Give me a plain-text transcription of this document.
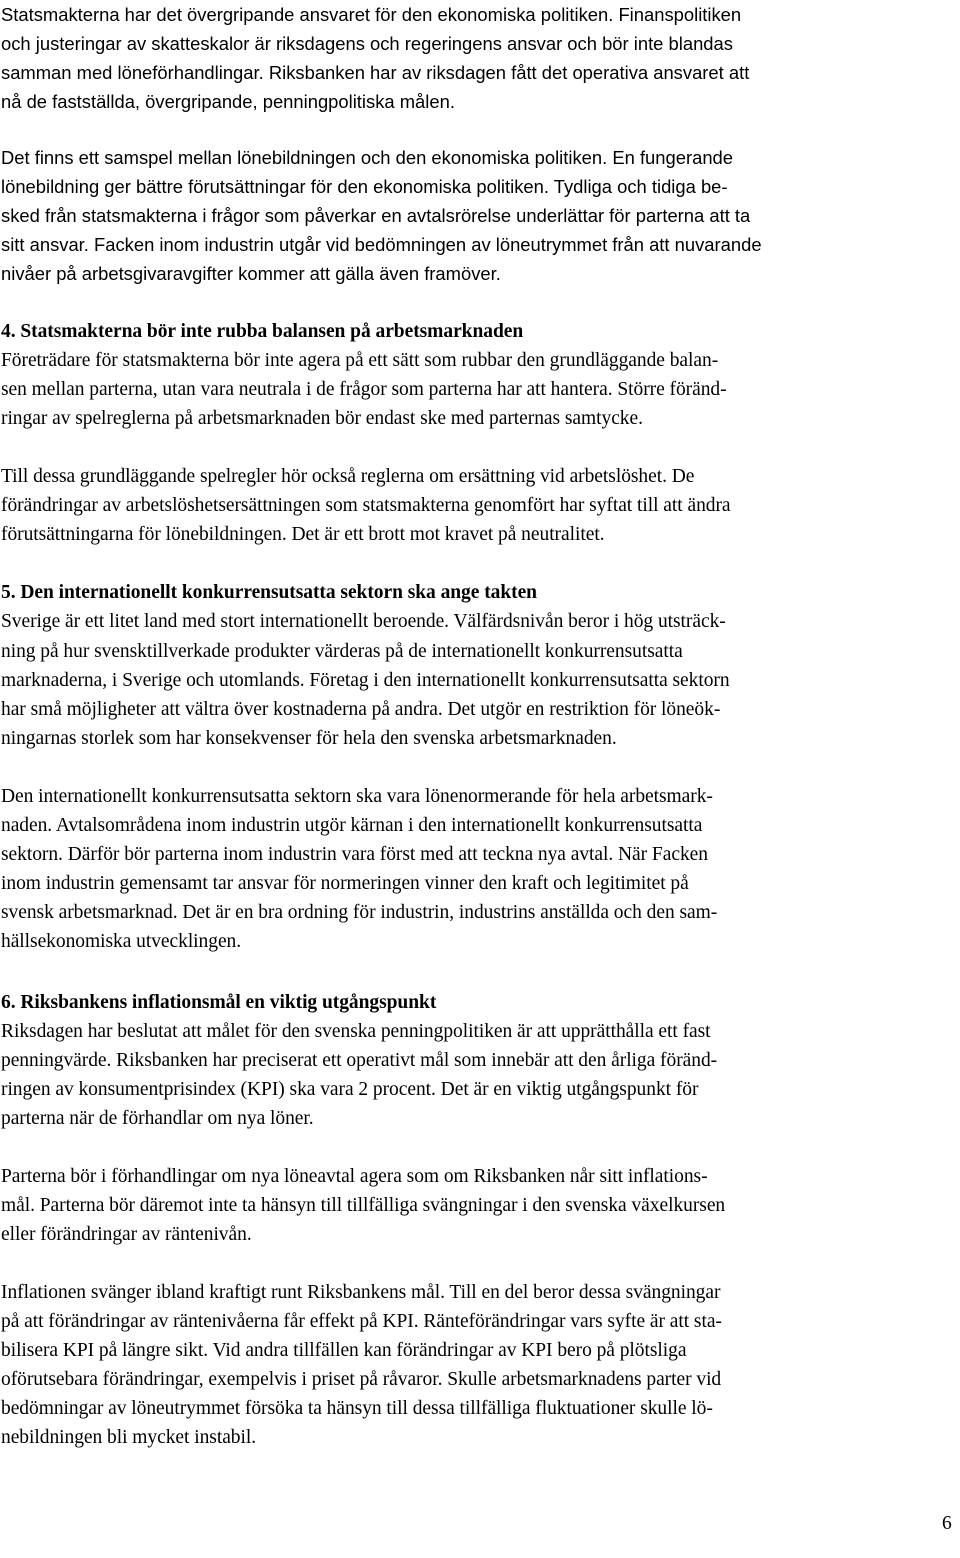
Statsmakterna har det övergripande ansvaret för den ekonomiska politiken. Finanspolitiken
och justeringar av skatteskalor är riksdagens och regeringens ansvar och bör inte blandas
samman med löneförhandlingar. Riksbanken har av riksdagen fått det operativa ansvaret att
nå de fastställda, övergripande, penningpolitiska målen.
Det finns ett samspel mellan lönebildningen och den ekonomiska politiken. En fungerande
lönebildning ger bättre förutsättningar för den ekonomiska politiken. Tydliga och tidiga be-
sked från statsmakterna i frågor som påverkar en avtalsrörelse underlättar för parterna att ta
sitt ansvar. Facken inom industrin utgår vid bedömningen av löneutrymmet från att nuvarande
nivåer på arbetsgivaravgifter kommer att gälla även framöver.
4. Statsmakterna bör inte rubba balansen på arbetsmarknaden
Företrädare för statsmakterna bör inte agera på ett sätt som rubbar den grundläggande balan-
sen mellan parterna, utan vara neutrala i de frågor som parterna har att hantera. Större föränd-
ringar av spelreglerna på arbetsmarknaden bör endast ske med parternas samtycke.
Till dessa grundläggande spelregler hör också reglerna om ersättning vid arbetslöshet. De
förändringar av arbetslöshetsersättningen som statsmakterna genomfört har syftat till att ändra
förutsättningarna för lönebildningen. Det är ett brott mot kravet på neutralitet.
5. Den internationellt konkurrensutsatta sektorn ska ange takten
Sverige är ett litet land med stort internationellt beroende. Välfärdsnivån beror i hög utsträck-
ning på hur svensktillverkade produkter värderas på de internationellt konkurrensutsatta
marknaderna, i Sverige och utomlands. Företag i den internationellt konkurrensutsatta sektorn
har små möjligheter att vältra över kostnaderna på andra. Det utgör en restriktion för löneök-
ningarnas storlek som har konsekvenser för hela den svenska arbetsmarknaden.
Den internationellt konkurrensutsatta sektorn ska vara lönenormerande för hela arbetsmark-
naden. Avtalsområdena inom industrin utgör kärnan i den internationellt konkurrensutsatta
sektorn. Därför bör parterna inom industrin vara först med att teckna nya avtal. När Facken
inom industrin gemensamt tar ansvar för normeringen vinner den kraft och legitimitet på
svensk arbetsmarknad. Det är en bra ordning för industrin, industrins anställda och den sam-
hällsekonomiska utvecklingen.
6. Riksbankens inflationsmål en viktig utgångspunkt
Riksdagen har beslutat att målet för den svenska penningpolitiken är att upprätthålla ett fast
penningvärde. Riksbanken har preciserat ett operativt mål som innebär att den årliga föränd-
ringen av konsumentprisindex (KPI) ska vara 2 procent. Det är en viktig utgångspunkt för
parterna när de förhandlar om nya löner.
Parterna bör i förhandlingar om nya löneavtal agera som om Riksbanken når sitt inflations-
mål. Parterna bör däremot inte ta hänsyn till tillfälliga svängningar i den svenska växelkursen
eller förändringar av räntenivån.
Inflationen svänger ibland kraftigt runt Riksbankens mål. Till en del beror dessa svängningar
på att förändringar av räntenivåerna får effekt på KPI. Ränteförändringar vars syfte är att sta-
bilisera KPI på längre sikt. Vid andra tillfällen kan förändringar av KPI bero på plötsliga
oförutsebara förändringar, exempelvis i priset på råvaror. Skulle arbetsmarknadens parter vid
bedömningar av löneutrymmet försöka ta hänsyn till dessa tillfälliga fluktuationer skulle lö-
nebildningen bli mycket instabil.
6
